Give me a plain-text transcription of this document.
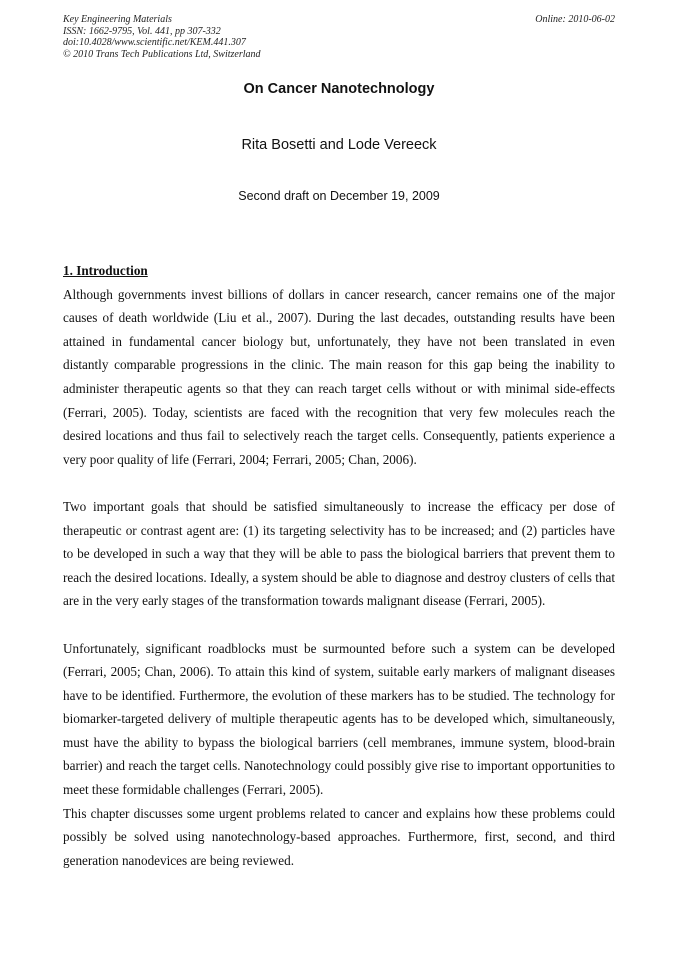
Key Engineering Materials
ISSN: 1662-9795, Vol. 441, pp 307-332
doi:10.4028/www.scientific.net/KEM.441.307
© 2010 Trans Tech Publications Ltd, Switzerland
Online: 2010-06-02
On Cancer Nanotechnology
Rita Bosetti and Lode Vereeck
Second draft on December 19, 2009
1. Introduction

Although governments invest billions of dollars in cancer research, cancer remains one of the major causes of death worldwide (Liu et al., 2007). During the last decades, outstanding results have been attained in fundamental cancer biology but, unfortunately, they have not been translated in even distantly comparable progressions in the clinic. The main reason for this gap being the inability to administer therapeutic agents so that they can reach target cells without or with minimal side-effects (Ferrari, 2005). Today, scientists are faced with the recognition that very few molecules reach the desired locations and thus fail to selectively reach the target cells. Consequently, patients experience a very poor quality of life (Ferrari, 2004; Ferrari, 2005; Chan, 2006).

Two important goals that should be satisfied simultaneously to increase the efficacy per dose of therapeutic or contrast agent are: (1) its targeting selectivity has to be increased; and (2) particles have to be developed in such a way that they will be able to pass the biological barriers that prevent them to reach the desired locations. Ideally, a system should be able to diagnose and destroy clusters of cells that are in the very early stages of the transformation towards malignant disease (Ferrari, 2005).

Unfortunately, significant roadblocks must be surmounted before such a system can be developed (Ferrari, 2005; Chan, 2006). To attain this kind of system, suitable early markers of malignant diseases have to be identified. Furthermore, the evolution of these markers has to be studied. The technology for biomarker-targeted delivery of multiple therapeutic agents has to be developed which, simultaneously, must have the ability to bypass the biological barriers (cell membranes, immune system, blood-brain barrier) and reach the target cells. Nanotechnology could possibly give rise to important opportunities to meet these formidable challenges (Ferrari, 2005).

This chapter discusses some urgent problems related to cancer and explains how these problems could possibly be solved using nanotechnology-based approaches. Furthermore, first, second, and third generation nanodevices are being reviewed.
